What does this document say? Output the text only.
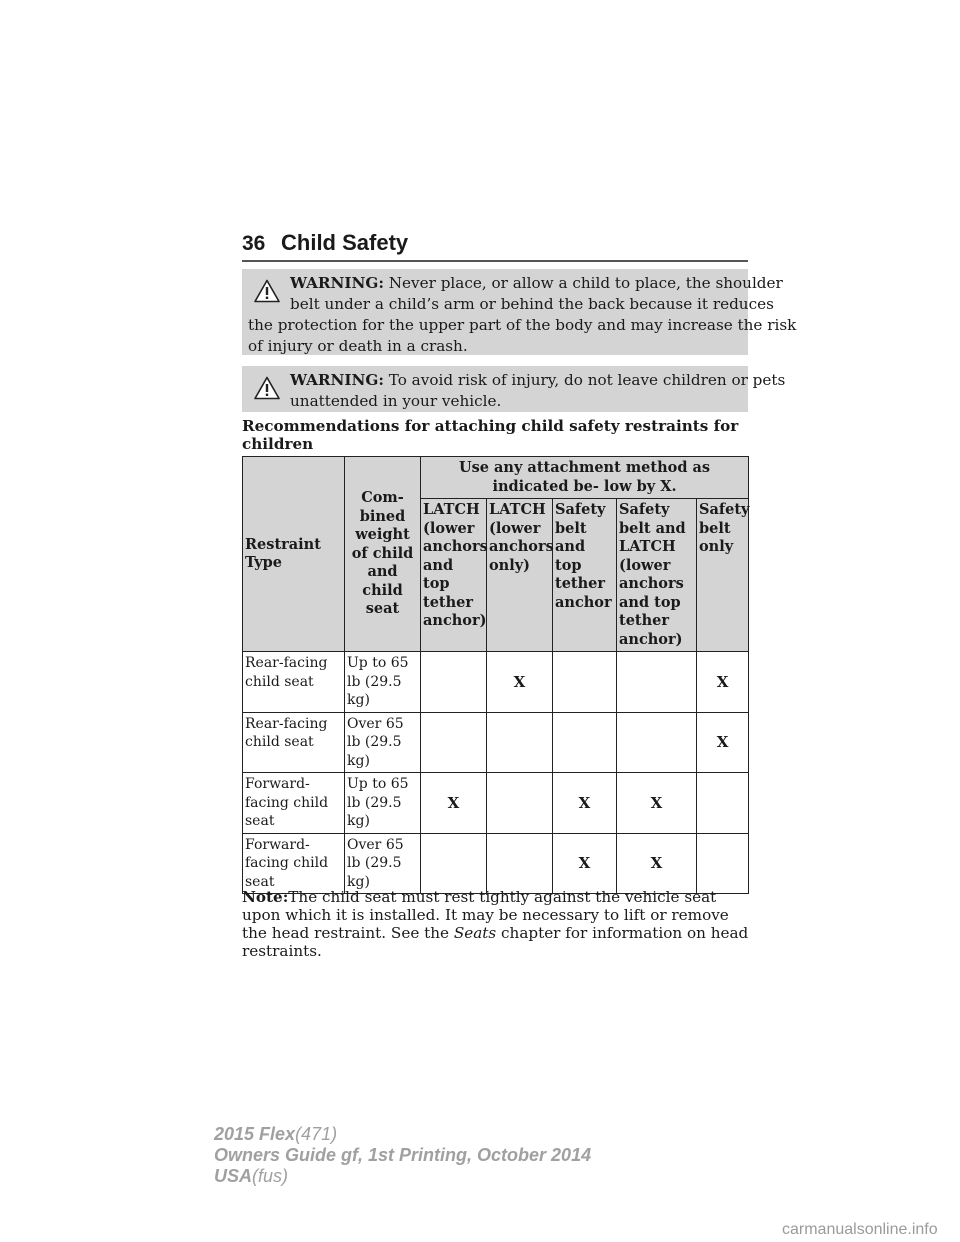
36 Child Safety
WARNING: Never place, or allow a child to place, the shoulder
belt under a child’s arm or behind the back because it reduces
the protection for the upper part of the body and may increase the risk
of injury or death in a crash.
WARNING: To avoid risk of injury, do not leave children or pets
unattended in your vehicle.
Recommendations for attaching child safety restraints for children
Restraint Type	Com- bined weight of child and child seat	Use any attachment method as indicated be- low by X.				
		LATCH (lower anchors and top tether anchor)	LATCH (lower anchors only)	Safety belt and top tether anchor	Safety belt and LATCH (lower anchors and top tether anchor)	Safety belt only
Rear-facing child seat	Up to 65 lb (29.5 kg)		X			X
Rear-facing child seat	Over 65 lb (29.5 kg)					X
Forward- facing child seat	Up to 65 lb (29.5 kg)	X		X	X	
Forward- facing child seat	Over 65 lb (29.5 kg)			X	X	
Note:The child seat must rest tightly against the vehicle seat upon which it is installed. It may be necessary to lift or remove the head restraint. See the Seats chapter for information on head restraints.
2015 Flex(471)
Owners Guide gf, 1st Printing, October 2014
USA(fus)
carmanualsonline.info
